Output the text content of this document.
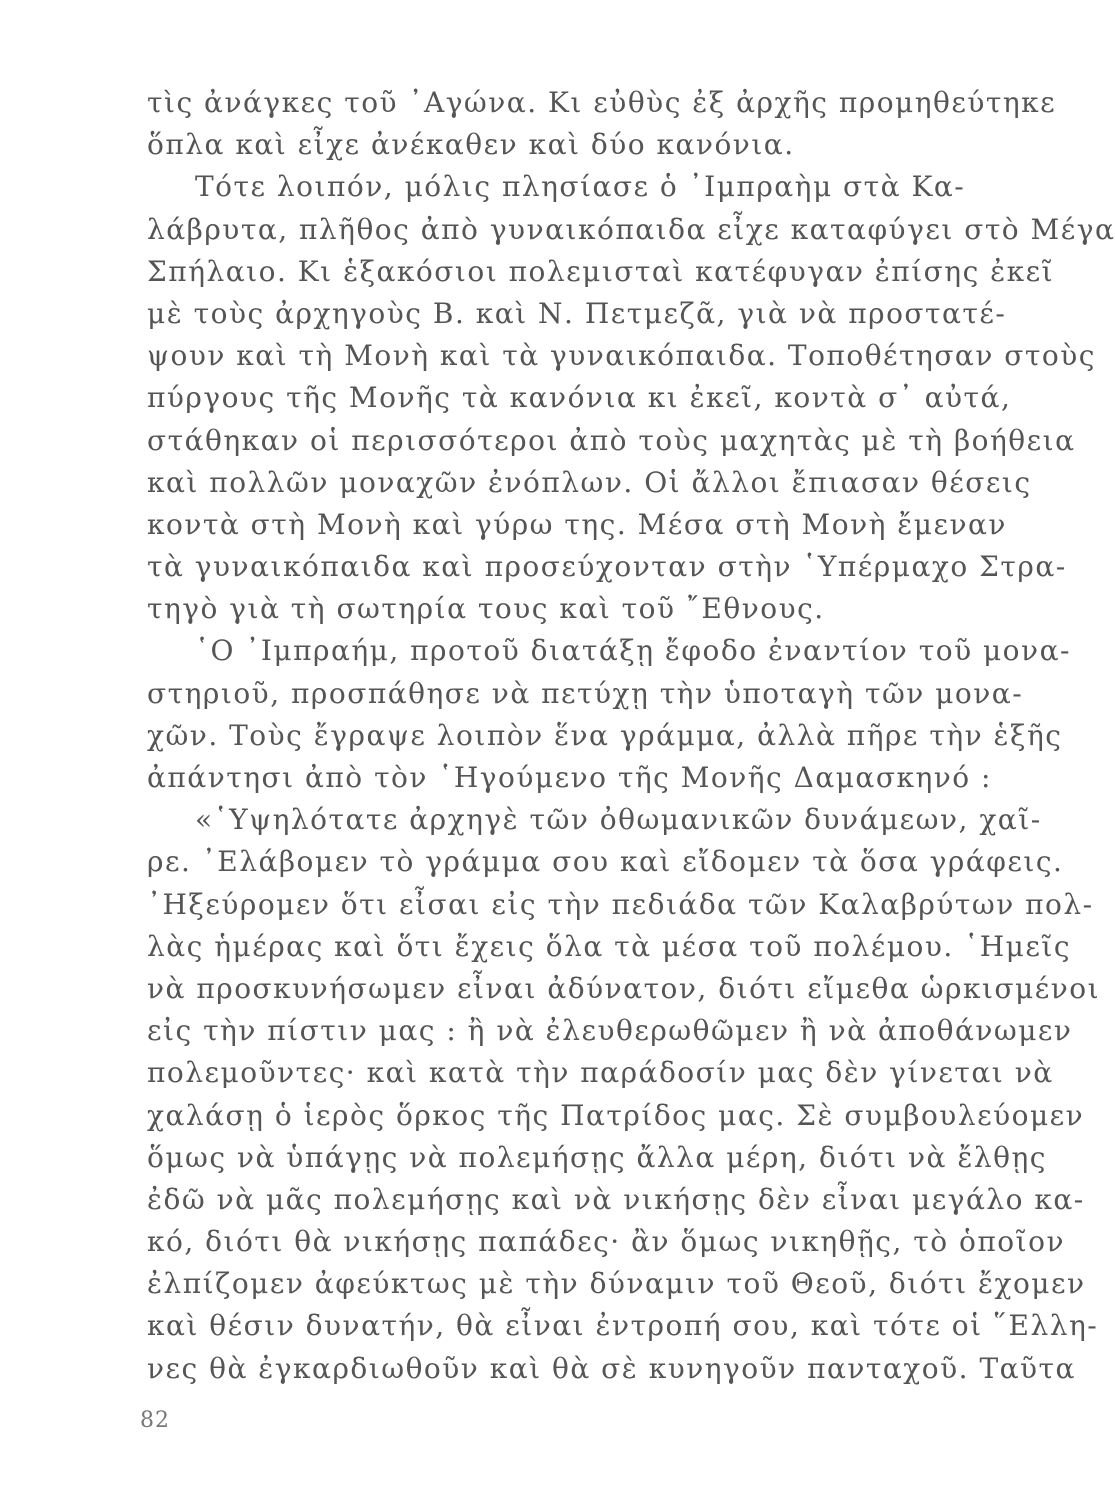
τὶς ἀνάγκες τοῦ ᾿Αγώνα. Κι εὐθὺς ἐξ ἀρχῆς προμηθεύτηκε
ὅπλα καὶ εἶχε ἀνέκαθεν καὶ δύο κανόνια.
Τότε λοιπόν, μόλις πλησίασε ὁ ᾿Ιμπραὴμ στὰ Κα-
λάβρυτα, πλῆθος ἀπὸ γυναικόπαιδα εἶχε καταφύγει στὸ Μέγα
Σπήλαιο. Κι ἑξακόσιοι πολεμισταὶ κατέφυγαν ἐπίσης ἐκεῖ
μὲ τοὺς ἀρχηγοὺς Β. καὶ Ν. Πετμεζᾶ, γιὰ νὰ προστατέ-
ψουν καὶ τὴ Μονὴ καὶ τὰ γυναικόπαιδα. Τοποθέτησαν στοὺς
πύργους τῆς Μονῆς τὰ κανόνια κι ἐκεῖ, κοντὰ σ᾿ αὐτά,
στάθηκαν οἱ περισσότεροι ἀπὸ τοὺς μαχητὰς μὲ τὴ βοήθεια
καὶ πολλῶν μοναχῶν ἐνόπλων. Οἱ ἄλλοι ἔπιασαν θέσεις
κοντὰ στὴ Μονὴ καὶ γύρω της. Μέσα στὴ Μονὴ ἔμεναν
τὰ γυναικόπαιδα καὶ προσεύχονταν στὴν ῾Υπέρμαχο Στρα-
τηγὸ γιὰ τὴ σωτηρία τους καὶ τοῦ ῎Εθνους.
῾Ο ᾿Ιμπραήμ, προτοῦ διατάξῃ ἔφοδο ἐναντίον τοῦ μονα-
στηριοῦ, προσπάθησε νὰ πετύχῃ τὴν ὑποταγὴ τῶν μονα-
χῶν. Τοὺς ἔγραψε λοιπὸν ἕνα γράμμα, ἀλλὰ πῆρε τὴν ἑξῆς
ἀπάντησι ἀπὸ τὸν ῾Ηγούμενο τῆς Μονῆς Δαμασκηνό :
«῾Υψηλότατε ἀρχηγὲ τῶν ὀθωμανικῶν δυνάμεων, χαῖ-
ρε. ᾿Ελάβομεν τὸ γράμμα σου καὶ εἴδομεν τὰ ὅσα γράφεις.
᾿Ηξεύρομεν ὅτι εἶσαι εἰς τὴν πεδιάδα τῶν Καλαβρύτων πολ-
λὰς ἡμέρας καὶ ὅτι ἔχεις ὅλα τὰ μέσα τοῦ πολέμου. ῾Ημεῖς
νὰ προσκυνήσωμεν εἶναι ἀδύνατον, διότι εἴμεθα ὡρκισμένοι
εἰς τὴν πίστιν μας : ἢ νὰ ἐλευθερωθῶμεν ἢ νὰ ἀποθάνωμεν
πολεμοῦντες· καὶ κατὰ τὴν παράδοσίν μας δὲν γίνεται νὰ
χαλάσῃ ὁ ἱερὸς ὅρκος τῆς Πατρίδος μας. Σὲ συμβουλεύομεν
ὅμως νὰ ὑπάγῃς νὰ πολεμήσῃς ἄλλα μέρη, διότι νὰ ἔλθῃς
ἐδῶ νὰ μᾶς πολεμήσῃς καὶ νὰ νικήσῃς δὲν εἶναι μεγάλο κα-
κό, διότι θὰ νικήσῃς παπάδες· ἂν ὅμως νικηθῇς, τὸ ὁποῖον
ἐλπίζομεν ἀφεύκτως μὲ τὴν δύναμιν τοῦ Θεοῦ, διότι ἔχομεν
καὶ θέσιν δυνατήν, θὰ εἶναι ἐντροπή σου, καὶ τότε οἱ ῞Ελλη-
νες θὰ ἐγκαρδιωθοῦν καὶ θὰ σὲ κυνηγοῦν πανταχοῦ. Ταῦτα
82
